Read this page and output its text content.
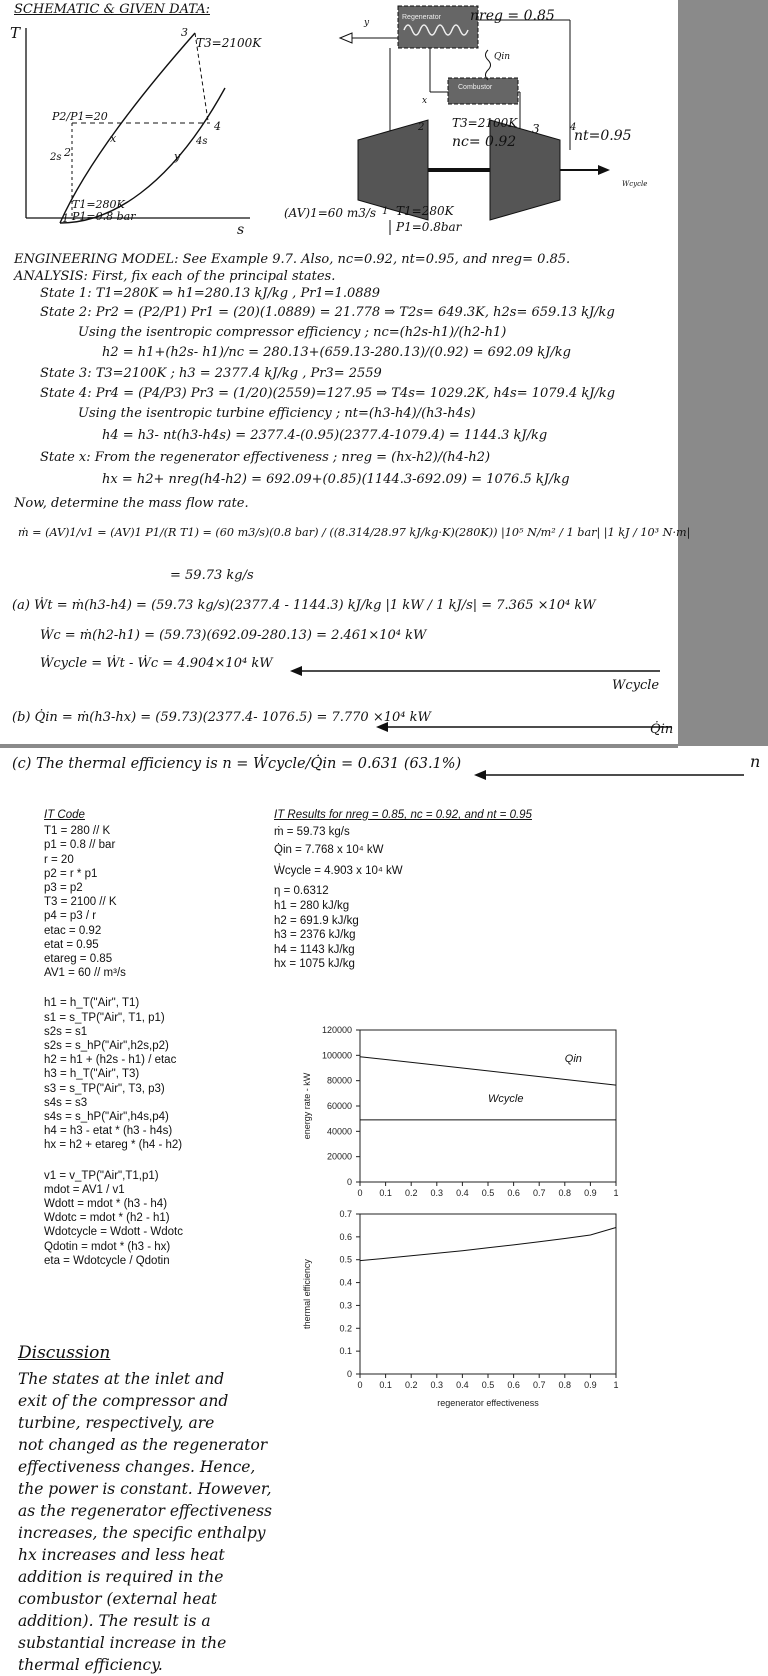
SCHEMATIC & GIVEN DATA:
T
s
3
T3=2100K
P2/P1=20
2
2s
x
y
4
4s
1
T1=280K
P1=0.8 bar
nreg = 0.85
Regenerator
Qin
Combustor
x
y
T3=2100K 3	4
nt=0.95
2
nc= 0.92
Wcycle
(AV)1=60 m3/s 1 T1=280K
P1=0.8bar
ENGINEERING MODEL: See Example 9.7. Also, nc=0.92, nt=0.95, and nreg= 0.85.
ANALYSIS: First, fix each of the principal states.
State 1: T1=280K ⇒ h1=280.13 kJ/kg , Pr1=1.0889
State 2: Pr2 = (P2/P1) Pr1 = (20)(1.0889) = 21.778 ⇒ T2s= 649.3K, h2s= 659.13 kJ/kg
Using the isentropic compressor efficiency ; nc=(h2s-h1)/(h2-h1)
h2 = h1+(h2s- h1)/nc = 280.13+(659.13-280.13)/(0.92) = 692.09 kJ/kg
State 3: T3=2100K ; h3 = 2377.4 kJ/kg , Pr3= 2559
State 4: Pr4 = (P4/P3) Pr3 = (1/20)(2559)=127.95 ⇒ T4s= 1029.2K, h4s= 1079.4 kJ/kg
Using the isentropic turbine efficiency ; nt=(h3-h4)/(h3-h4s)
h4 = h3- nt(h3-h4s) = 2377.4-(0.95)(2377.4-1079.4) = 1144.3 kJ/kg
State x: From the regenerator effectiveness ; nreg = (hx-h2)/(h4-h2)
hx = h2+ nreg(h4-h2) = 692.09+(0.85)(1144.3-692.09) = 1076.5 kJ/kg
Now, determine the mass flow rate.
ṁ = (AV)1/v1 = (AV)1 P1/(R T1) = (60 m3/s)(0.8 bar) / ((8.314/28.97 kJ/kg·K)(280K)) |10⁵ N/m² / 1 bar| |1 kJ / 10³ N·m|
= 59.73 kg/s
(a) Ẇt = ṁ(h3-h4) = (59.73 kg/s)(2377.4 - 1144.3) kJ/kg |1 kW / 1 kJ/s| = 7.365 ×10⁴ kW
Ẇc = ṁ(h2-h1) = (59.73)(692.09-280.13) = 2.461×10⁴ kW
Ẇcycle = Ẇt - Ẇc = 4.904×10⁴ kW
Wcycle
(b) Q̇in = ṁ(h3-hx) = (59.73)(2377.4- 1076.5) = 7.770 ×10⁴ kW
Q̇in
(c) The thermal efficiency is n = Ẇcycle/Q̇in = 0.631 (63.1%)	n
IT Code
T1 = 280 // K
p1 = 0.8 // bar
r = 20
p2 = r * p1
p3 = p2
T3 = 2100 // K
p4 = p3 / r
etac = 0.92
etat = 0.95
etareg = 0.85
AV1 = 60 // m³/s
h1 = h_T("Air", T1)
s1 = s_TP("Air", T1, p1)
s2s = s1
s2s = s_hP("Air",h2s,p2)
h2 = h1 + (h2s - h1) / etac
h3 = h_T("Air", T3)
s3 = s_TP("Air", T3, p3)
s4s = s3
s4s = s_hP("Air",h4s,p4)
h4 = h3 - etat * (h3 - h4s)
hx = h2 + etareg * (h4 - h2)
v1 = v_TP("Air",T1,p1)
mdot = AV1 / v1
Wdott = mdot * (h3 - h4)
Wdotc = mdot * (h2 - h1)
Wdotcycle = Wdott - Wdotc
Qdotin = mdot * (h3 - hx)
eta = Wdotcycle / Qdotin
IT Results for nreg = 0.85, nc = 0.92, and nt = 0.95
ṁ = 59.73 kg/s
Q̇in = 7.768 x 10⁴ kW
Ẇcycle = 4.903 x 10⁴ kW
η = 0.6312
h1 = 280 kJ/kg
h2 = 691.9 kJ/kg
h3 = 2376 kJ/kg
h4 = 1143 kJ/kg
hx = 1075 kJ/kg
0
20000
40000
60000
80000
100000
120000
0 0.1 0.2 0.3 0.4 0.5 0.6 0.7 0.8 0.9 1
energy rate - kW
Qin
Wcycle
0
0.1
0.2
0.3
0.4
0.5
0.6
0.7
0 0.1 0.2 0.3 0.4 0.5 0.6 0.7 0.8 0.9 1
thermal efficiency
regenerator effectiveness
Discussion
The states at the inlet and
exit of the compressor and
turbine, respectively, are
not changed as the regenerator
effectiveness changes. Hence,
the power is constant. However,
as the regenerator effectiveness
increases, the specific enthalpy
hx increases and less heat
addition is required in the
combustor (external heat
addition). The result is a
substantial increase in the
thermal efficiency.
